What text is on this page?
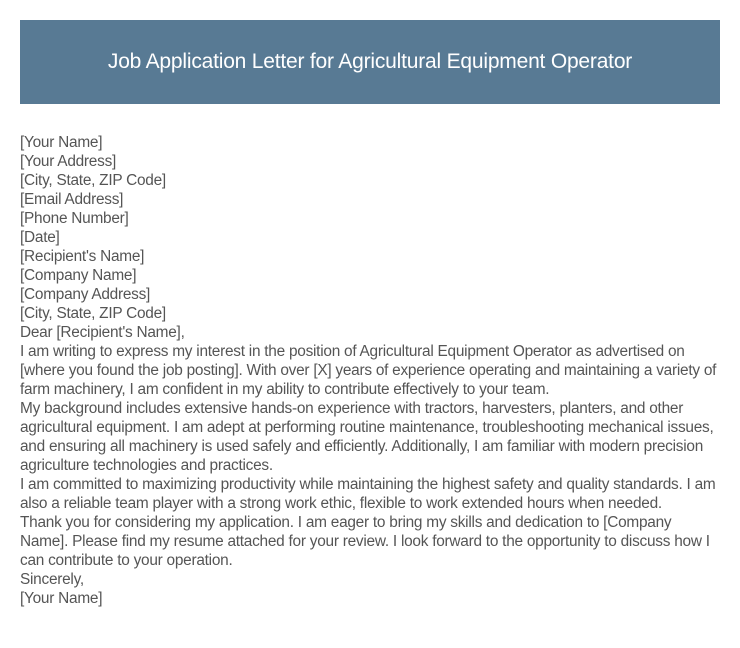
Job Application Letter for Agricultural Equipment Operator

[Your Name]

[Your Address]

[City, State, ZIP Code]

[Email Address]

[Phone Number]

[Date]

[Recipient's Name]

[Company Name]

[Company Address]

[City, State, ZIP Code]

Dear [Recipient's Name],

I am writing to express my interest in the position of Agricultural Equipment Operator as advertised on [where you found the job posting]. With over [X] years of experience operating and maintaining a variety of farm machinery, I am confident in my ability to contribute effectively to your team.

My background includes extensive hands-on experience with tractors, harvesters, planters, and other agricultural equipment. I am adept at performing routine maintenance, troubleshooting mechanical issues, and ensuring all machinery is used safely and efficiently. Additionally, I am familiar with modern precision agriculture technologies and practices.

I am committed to maximizing productivity while maintaining the highest safety and quality standards. I am also a reliable team player with a strong work ethic, flexible to work extended hours when needed.

Thank you for considering my application. I am eager to bring my skills and dedication to [Company Name]. Please find my resume attached for your review. I look forward to the opportunity to discuss how I can contribute to your operation.

Sincerely,

[Your Name]
